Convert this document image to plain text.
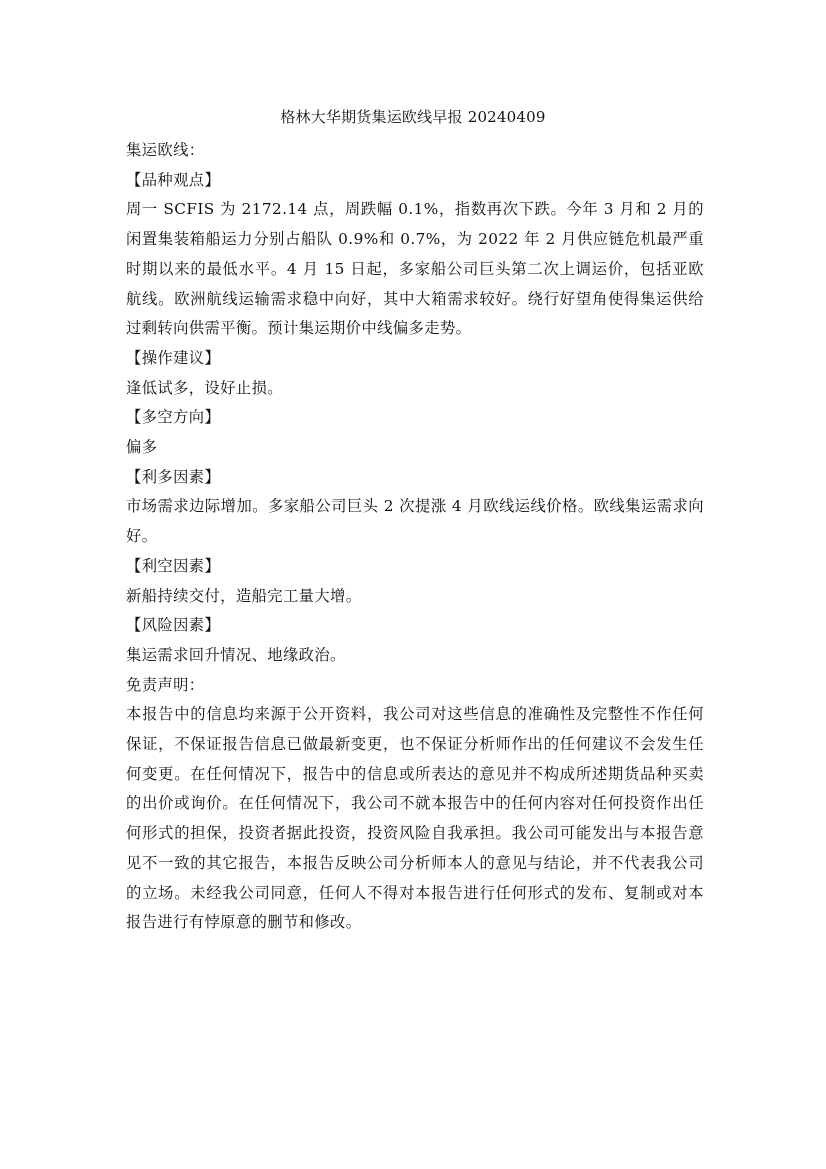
格林大华期货集运欧线早报 20240409

集运欧线：

【品种观点】

周一 SCFIS 为 2172.14 点，周跌幅 0.1%，指数再次下跌。今年 3 月和 2 月的闲置集装箱船运力分别占船队 0.9%和 0.7%，为 2022 年 2 月供应链危机最严重时期以来的最低水平。4 月 15 日起，多家船公司巨头第二次上调运价，包括亚欧航线。欧洲航线运输需求稳中向好，其中大箱需求较好。绕行好望角使得集运供给过剩转向供需平衡。预计集运期价中线偏多走势。

【操作建议】

逢低试多，设好止损。

【多空方向】

偏多

【利多因素】

市场需求边际增加。多家船公司巨头 2 次提涨 4 月欧线运线价格。欧线集运需求向好。

【利空因素】

新船持续交付，造船完工量大增。

【风险因素】

集运需求回升情况、地缘政治。

免责声明：

本报告中的信息均来源于公开资料，我公司对这些信息的准确性及完整性不作任何保证，不保证报告信息已做最新变更，也不保证分析师作出的任何建议不会发生任何变更。在任何情况下，报告中的信息或所表达的意见并不构成所述期货品种买卖的出价或询价。在任何情况下，我公司不就本报告中的任何内容对任何投资作出任何形式的担保，投资者据此投资，投资风险自我承担。我公司可能发出与本报告意见不一致的其它报告，本报告反映公司分析师本人的意见与结论，并不代表我公司的立场。未经我公司同意，任何人不得对本报告进行任何形式的发布、复制或对本报告进行有悖原意的删节和修改。
